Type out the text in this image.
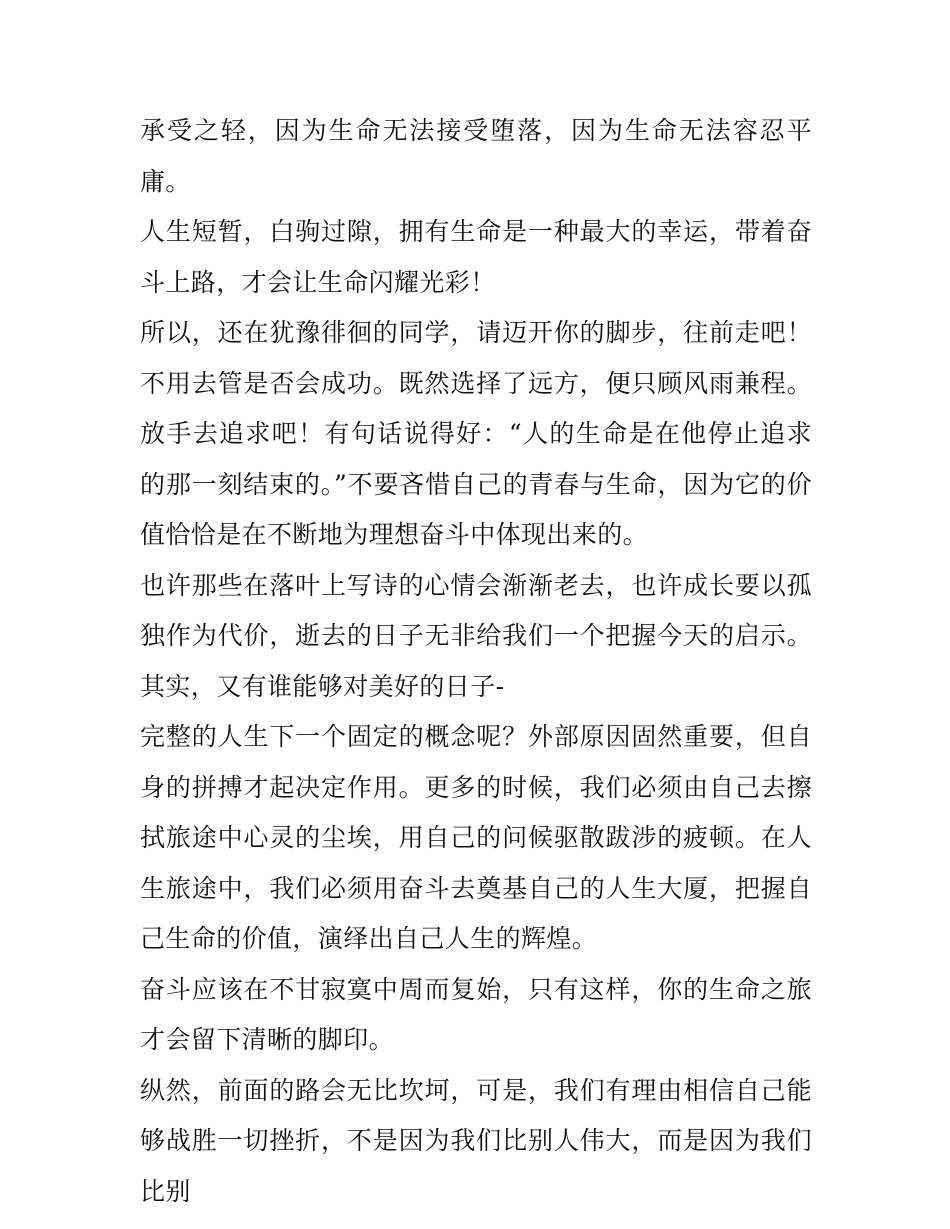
承受之轻，因为生命无法接受堕落，因为生命无法容忍平庸。

人生短暂，白驹过隙，拥有生命是一种最大的幸运，带着奋斗上路，才会让生命闪耀光彩！

所以，还在犹豫徘徊的同学，请迈开你的脚步，往前走吧！不用去管是否会成功。既然选择了远方，便只顾风雨兼程。放手去追求吧！有句话说得好：“人的生命是在他停止追求的那一刻结束的。”不要吝惜自己的青春与生命，因为它的价值恰恰是在不断地为理想奋斗中体现出来的。

也许那些在落叶上写诗的心情会渐渐老去，也许成长要以孤独作为代价，逝去的日子无非给我们一个把握今天的启示。其实，又有谁能够对美好的日子-

完整的人生下一个固定的概念呢？外部原因固然重要，但自身的拼搏才起决定作用。更多的时候，我们必须由自己去擦拭旅途中心灵的尘埃，用自己的问候驱散跋涉的疲顿。在人生旅途中，我们必须用奋斗去奠基自己的人生大厦，把握自己生命的价值，演绎出自己人生的辉煌。

奋斗应该在不甘寂寞中周而复始，只有这样，你的生命之旅才会留下清晰的脚印。

纵然，前面的路会无比坎坷，可是，我们有理由相信自己能够战胜一切挫折，不是因为我们比别人伟大，而是因为我们比别
